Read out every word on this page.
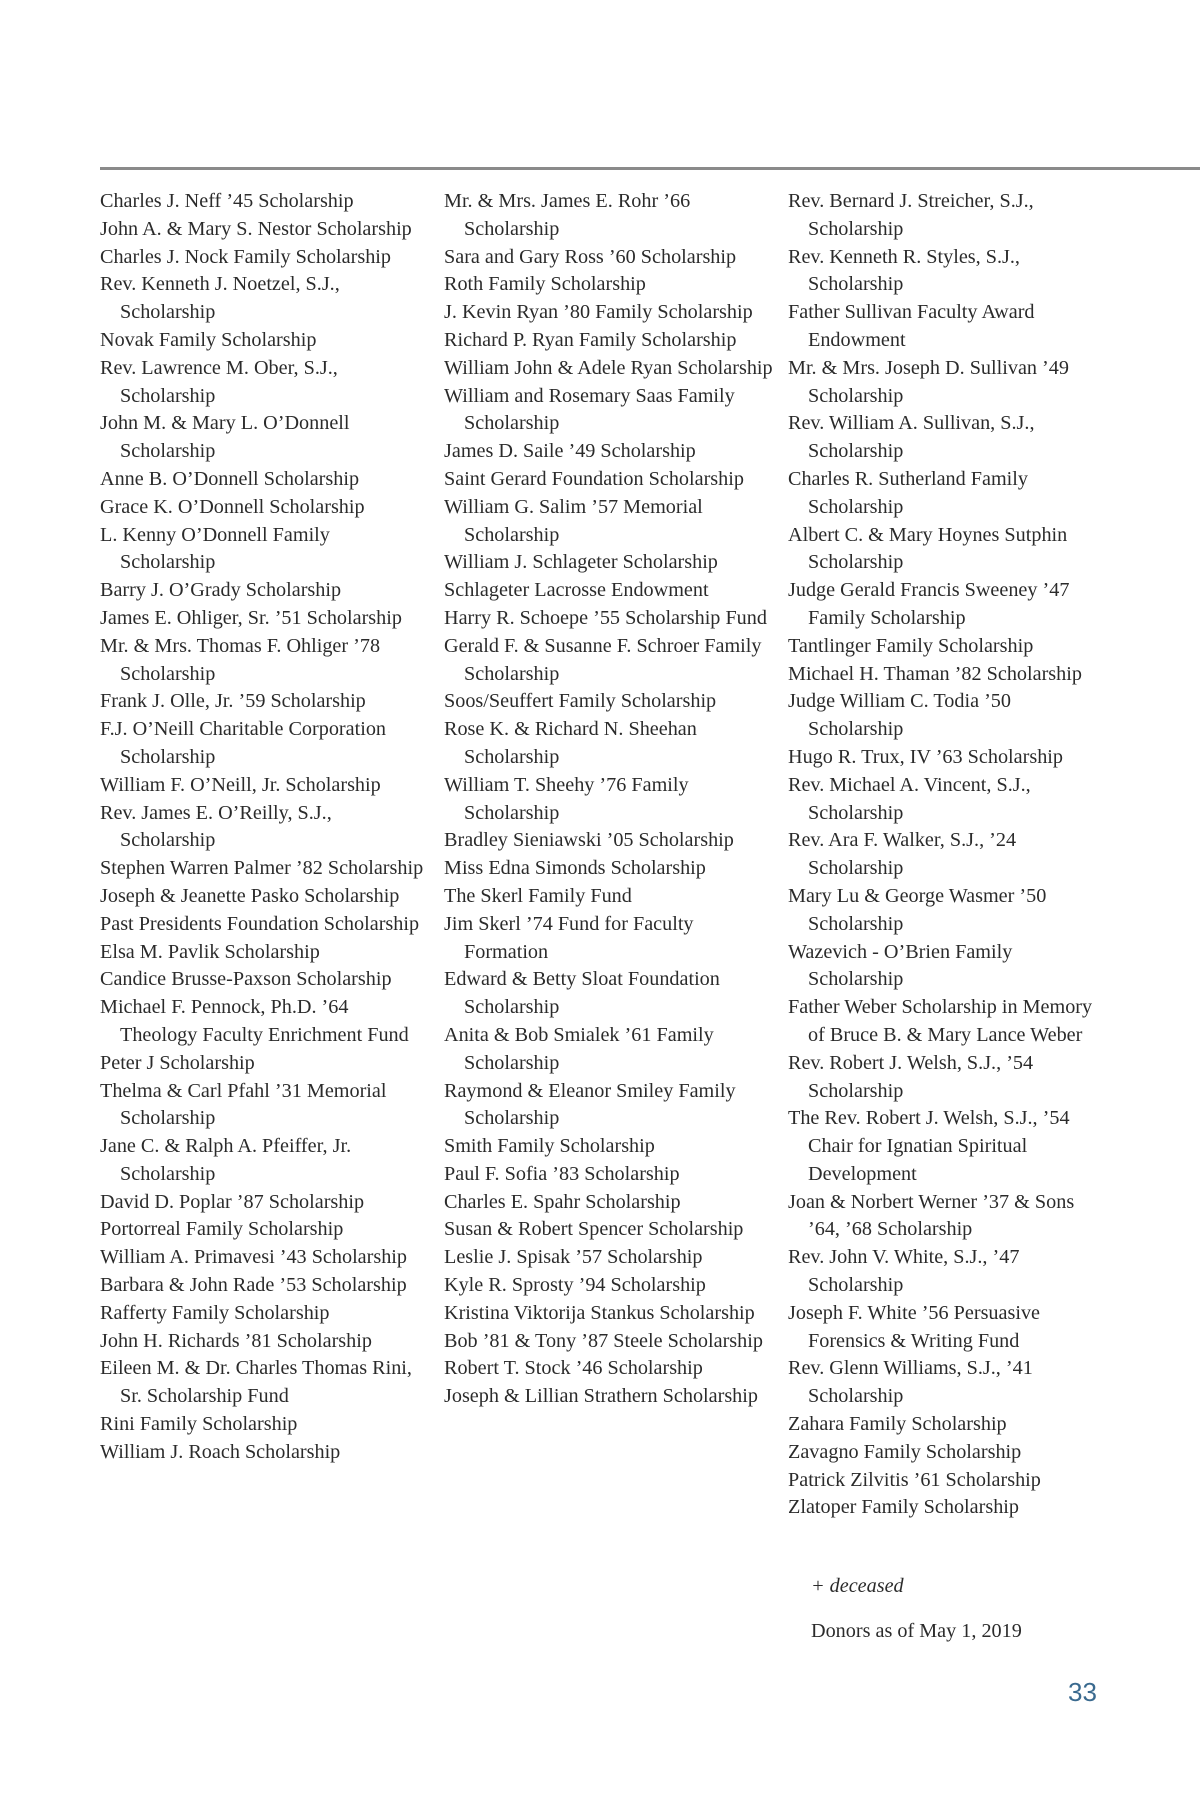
Charles J. Neff ’45 Scholarship
John A. & Mary S. Nestor Scholarship
Charles J. Nock Family Scholarship
Rev. Kenneth J. Noetzel, S.J., Scholarship
Novak Family Scholarship
Rev. Lawrence M. Ober, S.J., Scholarship
John M. & Mary L. O’Donnell Scholarship
Anne B. O’Donnell Scholarship
Grace K. O’Donnell Scholarship
L. Kenny O’Donnell Family Scholarship
Barry J. O’Grady Scholarship
James E. Ohliger, Sr. ’51 Scholarship
Mr. & Mrs. Thomas F. Ohliger ’78 Scholarship
Frank J. Olle, Jr. ’59 Scholarship
F.J. O’Neill Charitable Corporation Scholarship
William F. O’Neill, Jr. Scholarship
Rev. James E. O’Reilly, S.J., Scholarship
Stephen Warren Palmer ’82 Scholarship
Joseph & Jeanette Pasko Scholarship
Past Presidents Foundation Scholarship
Elsa M. Pavlik Scholarship
Candice Brusse-Paxson Scholarship
Michael F. Pennock, Ph.D. ’64 Theology Faculty Enrichment Fund
Peter J Scholarship
Thelma & Carl Pfahl ’31 Memorial Scholarship
Jane C. & Ralph A. Pfeiffer, Jr. Scholarship
David D. Poplar ’87 Scholarship
Portorreal Family Scholarship
William A. Primavesi ’43 Scholarship
Barbara & John Rade ’53 Scholarship
Rafferty Family Scholarship
John H. Richards ’81 Scholarship
Eileen M. & Dr. Charles Thomas Rini, Sr. Scholarship Fund
Rini Family Scholarship
William J. Roach Scholarship
Mr. & Mrs. James E. Rohr ’66 Scholarship
Sara and Gary Ross ’60 Scholarship
Roth Family Scholarship
J. Kevin Ryan ’80 Family Scholarship
Richard P. Ryan Family Scholarship
William John & Adele Ryan Scholarship
William and Rosemary Saas Family Scholarship
James D. Saile ’49 Scholarship
Saint Gerard Foundation Scholarship
William G. Salim ’57 Memorial Scholarship
William J. Schlageter Scholarship
Schlageter Lacrosse Endowment
Harry R. Schoepe ’55 Scholarship Fund
Gerald F. & Susanne F. Schroer Family Scholarship
Soos/Seuffert Family Scholarship
Rose K. & Richard N. Sheehan Scholarship
William T. Sheehy ’76 Family Scholarship
Bradley Sieniawski ’05 Scholarship
Miss Edna Simonds Scholarship
The Skerl Family Fund
Jim Skerl ’74 Fund for Faculty Formation
Edward & Betty Sloat Foundation Scholarship
Anita & Bob Smialek ’61 Family Scholarship
Raymond & Eleanor Smiley Family Scholarship
Smith Family Scholarship
Paul F. Sofia ’83 Scholarship
Charles E. Spahr Scholarship
Susan & Robert Spencer Scholarship
Leslie J. Spisak ’57 Scholarship
Kyle R. Sprosty ’94 Scholarship
Kristina Viktorija Stankus Scholarship
Bob ’81 & Tony ’87 Steele Scholarship
Robert T. Stock ’46 Scholarship
Joseph & Lillian Strathern Scholarship
Rev. Bernard J. Streicher, S.J., Scholarship
Rev. Kenneth R. Styles, S.J., Scholarship
Father Sullivan Faculty Award Endowment
Mr. & Mrs. Joseph D. Sullivan ’49 Scholarship
Rev. William A. Sullivan, S.J., Scholarship
Charles R. Sutherland Family Scholarship
Albert C. & Mary Hoynes Sutphin Scholarship
Judge Gerald Francis Sweeney ’47 Family Scholarship
Tantlinger Family Scholarship
Michael H. Thaman ’82 Scholarship
Judge William C. Todia ’50 Scholarship
Hugo R. Trux, IV ’63 Scholarship
Rev. Michael A. Vincent, S.J., Scholarship
Rev. Ara F. Walker, S.J., ’24 Scholarship
Mary Lu & George Wasmer ’50 Scholarship
Wazevich - O’Brien Family Scholarship
Father Weber Scholarship in Memory of Bruce B. & Mary Lance Weber
Rev. Robert J. Welsh, S.J., ’54 Scholarship
The Rev. Robert J. Welsh, S.J., ’54 Chair for Ignatian Spiritual Development
Joan & Norbert Werner ’37 & Sons ’64, ’68 Scholarship
Rev. John V. White, S.J., ’47 Scholarship
Joseph F. White ’56 Persuasive Forensics & Writing Fund
Rev. Glenn Williams, S.J., ’41 Scholarship
Zahara Family Scholarship
Zavagno Family Scholarship
Patrick Zilvitis ’61 Scholarship
Zlatoper Family Scholarship
+ deceased
Donors as of May 1, 2019
33
